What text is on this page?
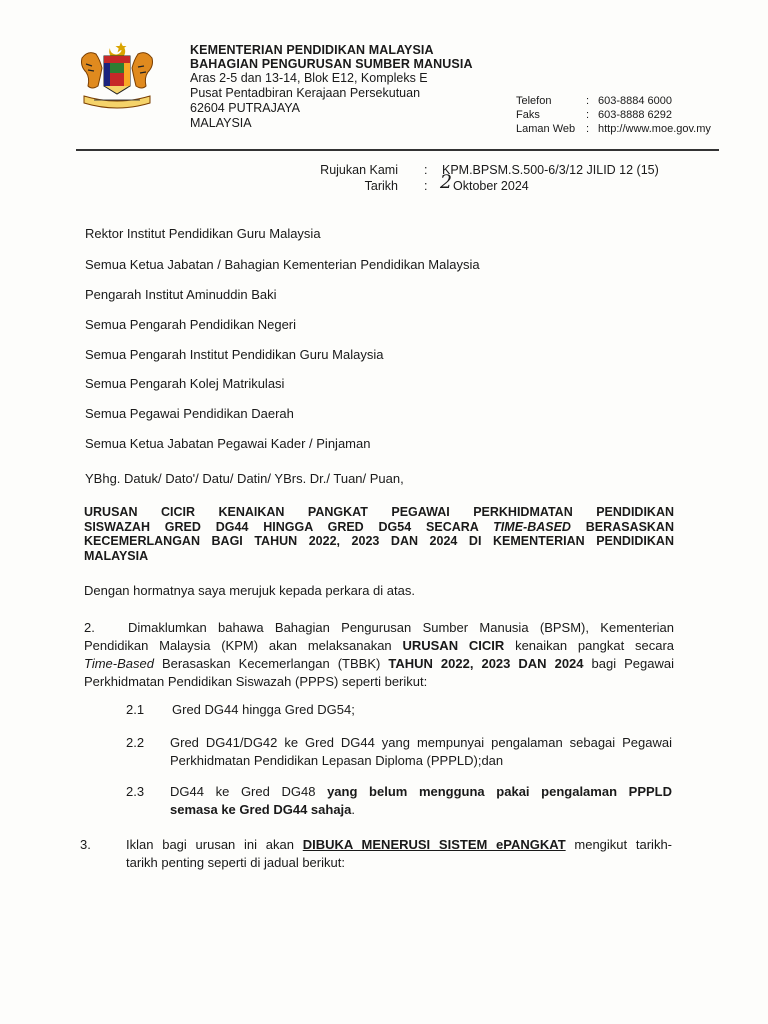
KEMENTERIAN PENDIDIKAN MALAYSIA
BAHAGIAN PENGURUSAN SUMBER MANUSIA
Aras 2-5 dan 13-14, Blok E12, Kompleks E
Pusat Pentadbiran Kerajaan Persekutuan
62604 PUTRAJAYA
MALAYSIA
Telefon	: 603-8884 6000
Faks	: 603-8888 6292
Laman Web : http://www.moe.gov.my
Rujukan Kami : KPM.BPSM.S.500-6/3/12 JILID 12 (15)
Tarikh : 2 Oktober 2024
Rektor Institut Pendidikan Guru Malaysia
Semua Ketua Jabatan / Bahagian Kementerian Pendidikan Malaysia
Pengarah Institut Aminuddin Baki
Semua Pengarah Pendidikan Negeri
Semua Pengarah Institut Pendidikan Guru Malaysia
Semua Pengarah Kolej Matrikulasi
Semua Pegawai Pendidikan Daerah
Semua Ketua Jabatan Pegawai Kader / Pinjaman
YBhg. Datuk/ Dato'/ Datu/ Datin/ YBrs. Dr./ Tuan/ Puan,
URUSAN CICIR KENAIKAN PANGKAT PEGAWAI PERKHIDMATAN PENDIDIKAN
SISWAZAH GRED DG44 HINGGA GRED DG54 SECARA TIME-BASED BERASASKAN
KECEMERLANGAN BAGI TAHUN 2022, 2023 DAN 2024 DI KEMENTERIAN PENDIDIKAN
MALAYSIA
Dengan hormatnya saya merujuk kepada perkara di atas.
2.	Dimaklumkan bahawa Bahagian Pengurusan Sumber Manusia (BPSM), Kementerian
Pendidikan Malaysia (KPM) akan melaksanakan URUSAN CICIR kenaikan pangkat secara
Time-Based Berasaskan Kecemerlangan (TBBK) TAHUN 2022, 2023 DAN 2024 bagi Pegawai
Perkhidmatan Pendidikan Siswazah (PPPS) seperti berikut:
2.1 Gred DG44 hingga Gred DG54;
2.2 Gred DG41/DG42 ke Gred DG44 yang mempunyai pengalaman sebagai Pegawai
Perkhidmatan Pendidikan Lepasan Diploma (PPPLD);dan
2.3 DG44 ke Gred DG48 yang belum mengguna pakai pengalaman PPPLD
semasa ke Gred DG44 sahaja.
3.	Iklan bagi urusan ini akan DIBUKA MENERUSI SISTEM ePANGKAT mengikut tarikh-
tarikh penting seperti di jadual berikut:
